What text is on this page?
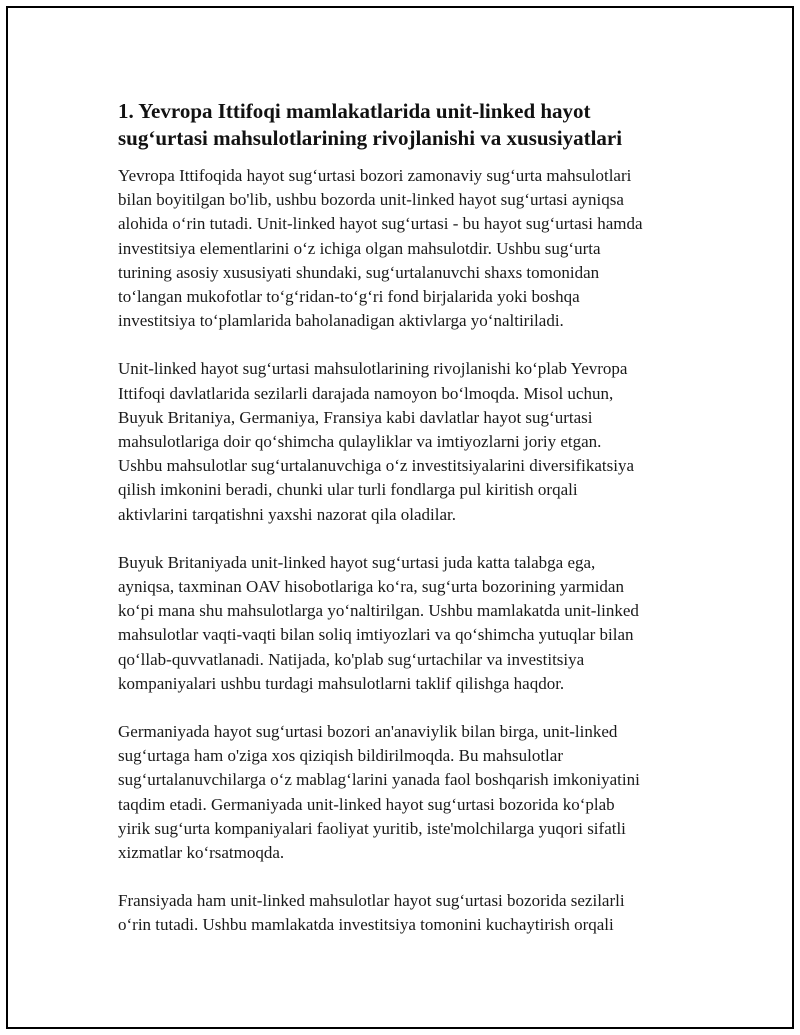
1. Yevropa Ittifoqi mamlakatlarida unit-linked hayot
sug‘urtasi mahsulotlarining rivojlanishi va xususiyatlari

Yevropa Ittifoqida hayot sug‘urtasi bozori zamonaviy sug‘urta mahsulotlari
bilan boyitilgan bo'lib, ushbu bozorda unit-linked hayot sug‘urtasi ayniqsa
alohida o‘rin tutadi. Unit-linked hayot sug‘urtasi - bu hayot sug‘urtasi hamda
investitsiya elementlarini o‘z ichiga olgan mahsulotdir. Ushbu sug‘urta
turining asosiy xususiyati shundaki, sug‘urtalanuvchi shaxs tomonidan
to‘langan mukofotlar to‘g‘ridan-to‘g‘ri fond birjalarida yoki boshqa
investitsiya to‘plamlarida baholanadigan aktivlarga yo‘naltiriladi.

Unit-linked hayot sug‘urtasi mahsulotlarining rivojlanishi ko‘plab Yevropa
Ittifoqi davlatlarida sezilarli darajada namoyon bo‘lmoqda. Misol uchun,
Buyuk Britaniya, Germaniya, Fransiya kabi davlatlar hayot sug‘urtasi
mahsulotlariga doir qo‘shimcha qulayliklar va imtiyozlarni joriy etgan.
Ushbu mahsulotlar sug‘urtalanuvchiga o‘z investitsiyalarini diversifikatsiya
qilish imkonini beradi, chunki ular turli fondlarga pul kiritish orqali
aktivlarini tarqatishni yaxshi nazorat qila oladilar.

Buyuk Britaniyada unit-linked hayot sug‘urtasi juda katta talabga ega,
ayniqsa, taxminan OAV hisobotlariga ko‘ra, sug‘urta bozorining yarmidan
ko‘pi mana shu mahsulotlarga yo‘naltirilgan. Ushbu mamlakatda unit-linked
mahsulotlar vaqti-vaqti bilan soliq imtiyozlari va qo‘shimcha yutuqlar bilan
qo‘llab-quvvatlanadi. Natijada, ko'plab sug‘urtachilar va investitsiya
kompaniyalari ushbu turdagi mahsulotlarni taklif qilishga haqdor.

Germaniyada hayot sug‘urtasi bozori an'anaviylik bilan birga, unit-linked
sug‘urtaga ham o'ziga xos qiziqish bildirilmoqda. Bu mahsulotlar
sug‘urtalanuvchilarga o‘z mablag‘larini yanada faol boshqarish imkoniyatini
taqdim etadi. Germaniyada unit-linked hayot sug‘urtasi bozorida ko‘plab
yirik sug‘urta kompaniyalari faoliyat yuritib, iste'molchilarga yuqori sifatli
xizmatlar ko‘rsatmoqda.

Fransiyada ham unit-linked mahsulotlar hayot sug‘urtasi bozorida sezilarli
o‘rin tutadi. Ushbu mamlakatda investitsiya tomonini kuchaytirish orqali
